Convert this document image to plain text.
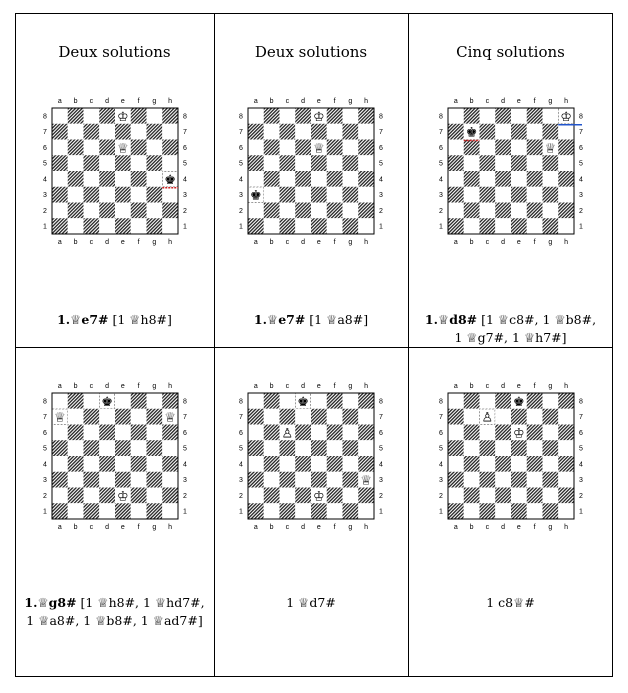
Deux solutions
a
a
b
b
c
c
d
d
e
e
f
f
g
g
h
h
8	8
7	7
6	6
5	5
4	4
3	3
2	2
1	1
♔
♕
♚
1.♕e7# [1 ♕h8#]
Deux solutions
a
a
b
b
c
c
d
d
e
e
f
f
g
g
h
h
8	8
7	7
6	6
5	5
4	4
3	3
2	2
1	1
♔
♕
♚
1.♕e7# [1 ♕a8#]
Cinq solutions
a
a
b
b
c
c
d
d
e
e
f
f
g
g
h
h
8	8
7	7
6	6
5	5
4	4
3	3
2	2
1	1
♔
♚
♕
1.♕d8# [1 ♕c8#, 1 ♕b8#,
1 ♕g7#, 1 ♕h7#]
a
a
b
b
c
c
d
d
e
e
f
f
g
g
h
h
8	8
7	7
6	6
5	5
4	4
3	3
2	2
1	1
♚
♕	♕
♔
1.♕g8# [1 ♕h8#, 1 ♕hd7#,
1 ♕a8#, 1 ♕b8#, 1 ♕ad7#]
a
a
b
b
c
c
d
d
e
e
f
f
g
g
h
h
8	8
7	7
6	6
5	5
4	4
3	3
2	2
1	1
♚
♙
♕
♔
1 ♕d7#
a
a
b
b
c
c
d
d
e
e
f
f
g
g
h
h
8	8
7	7
6	6
5	5
4	4
3	3
2	2
1	1
♚
♙
♔
1 c8♕#
